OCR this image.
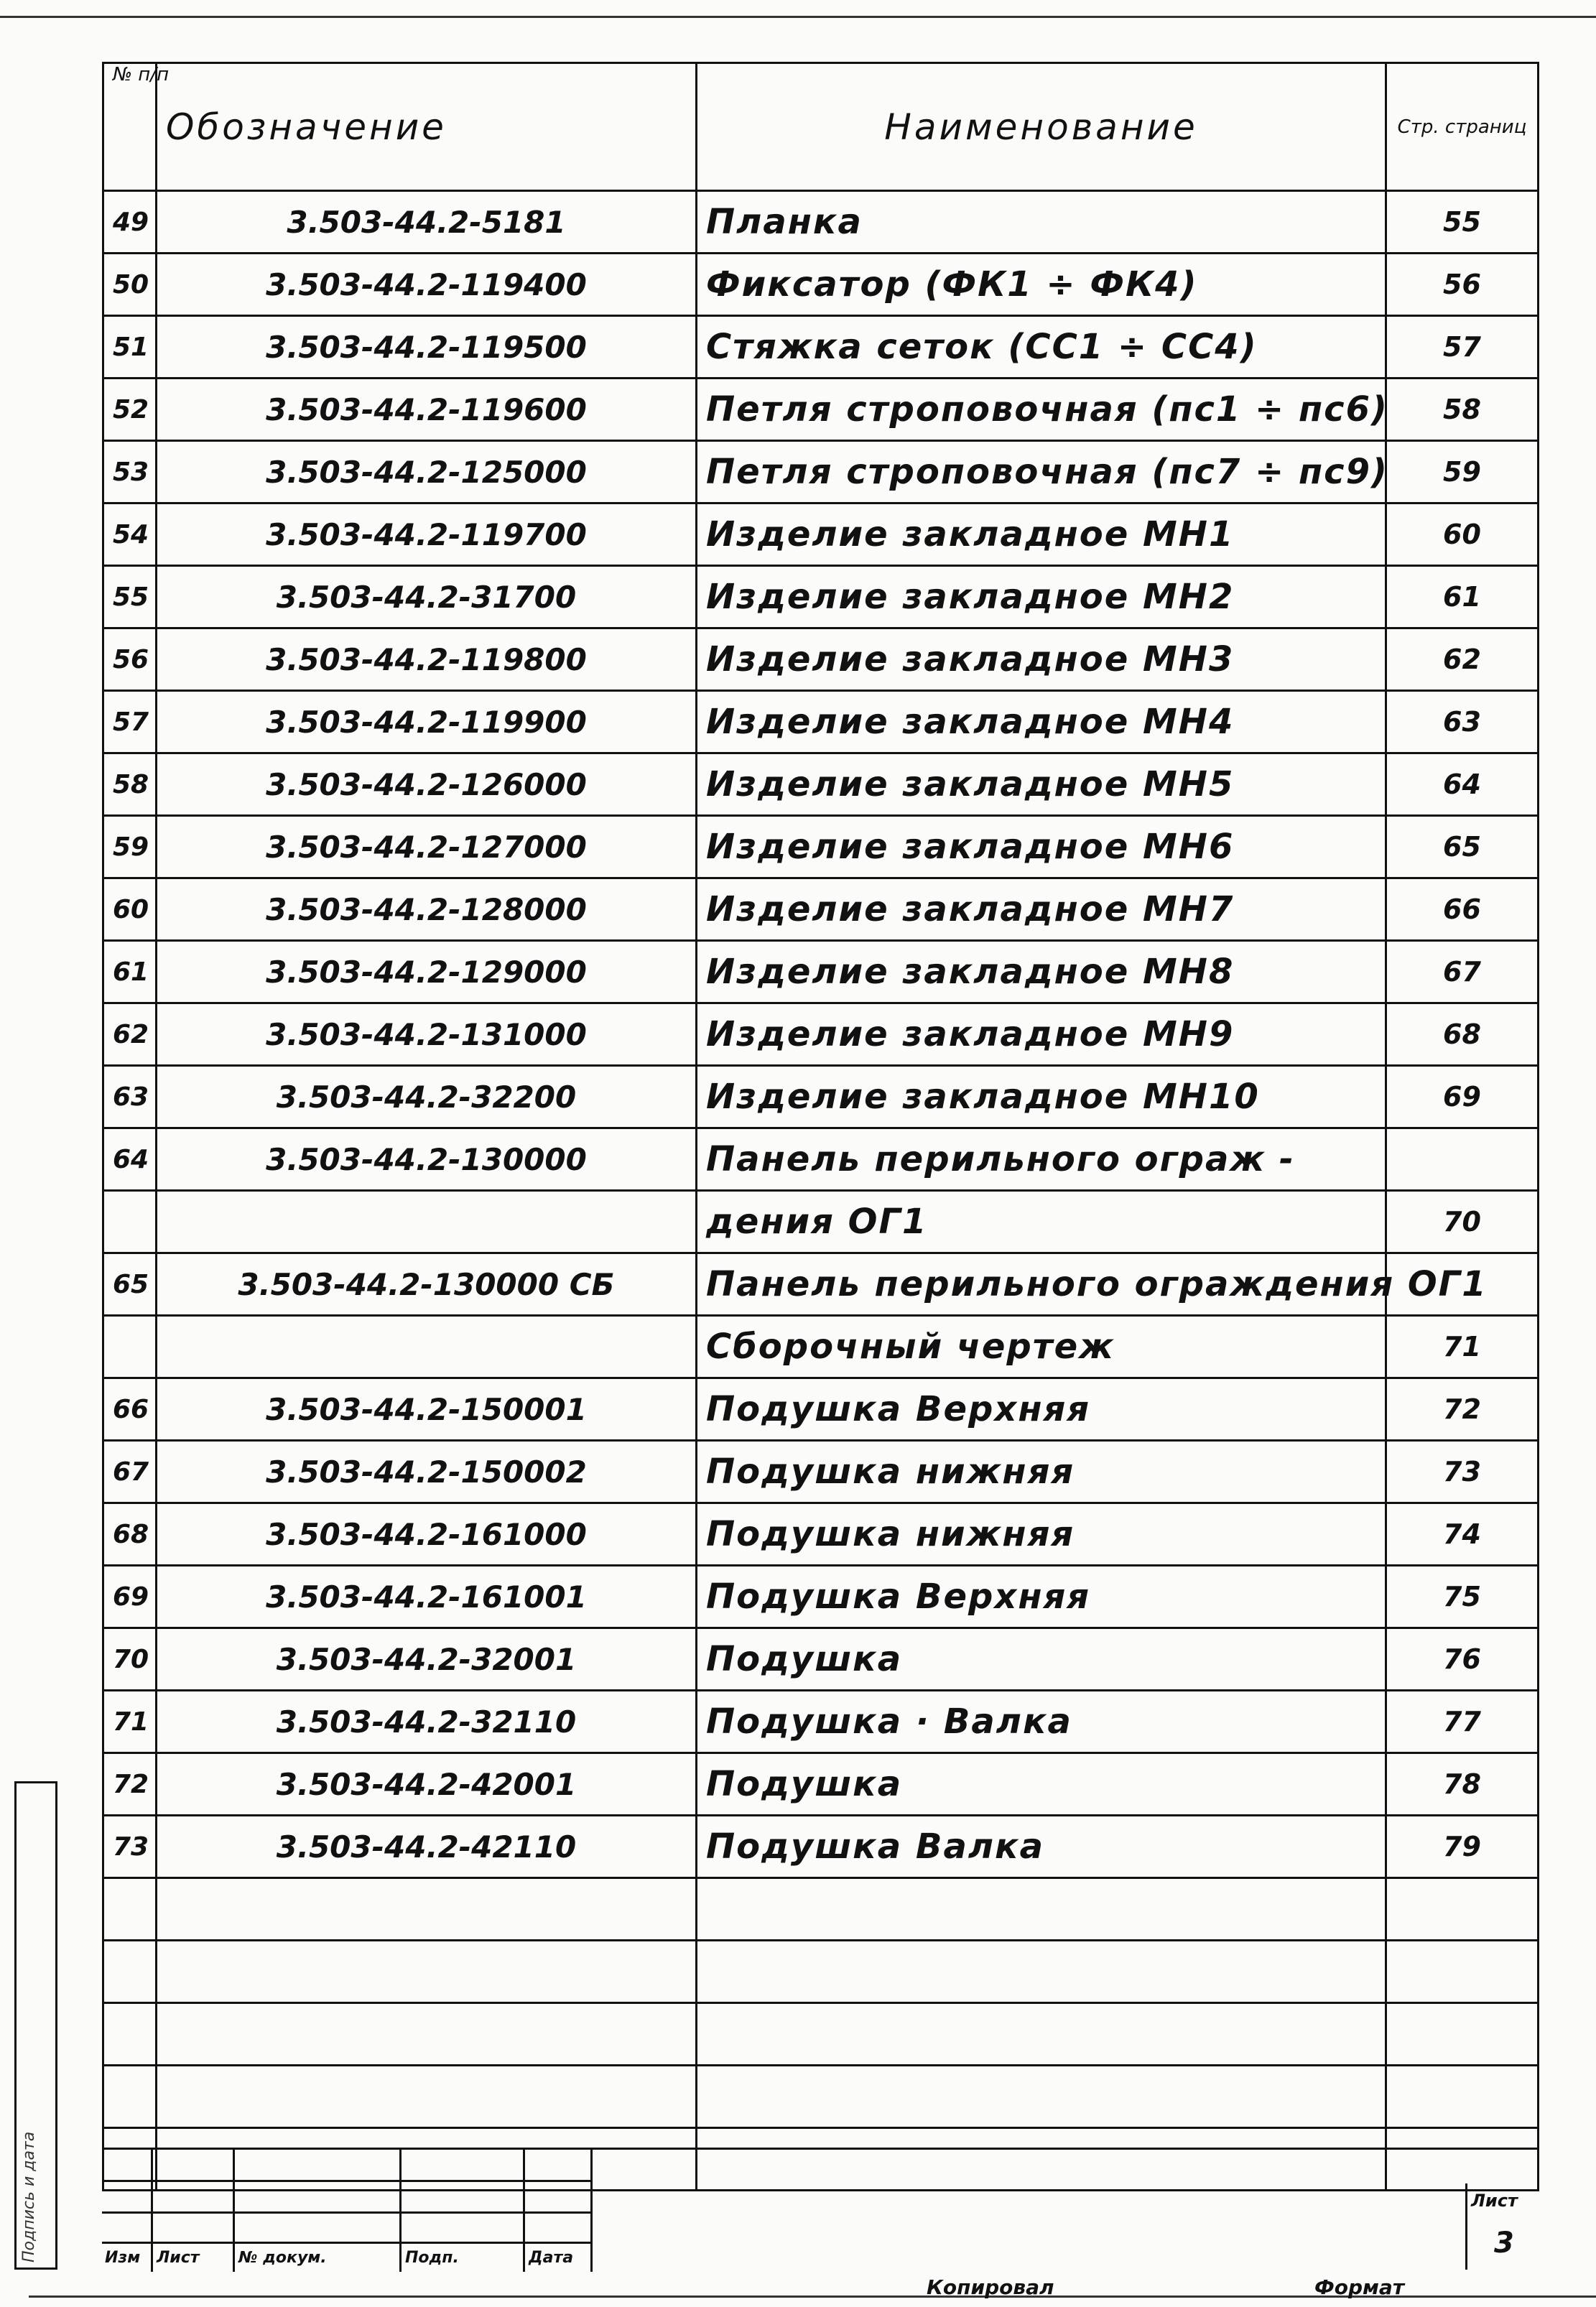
№ п/п	Обозначение	Наименование	Стр. страниц
49	3.503-44.2-5181	Планка	55
50	3.503-44.2-119400	Фиксатор (ФК1 ÷ ФК4)	56
51	3.503-44.2-119500	Стяжка сеток (СС1 ÷ СС4)	57
52	3.503-44.2-119600	Петля строповочная (пс1 ÷ пс6)	58
53	3.503-44.2-125000	Петля строповочная (пс7 ÷ пс9)	59
54	3.503-44.2-119700	Изделие закладное МН1	60
55	3.503-44.2-31700	Изделие закладное МН2	61
56	3.503-44.2-119800	Изделие закладное МН3	62
57	3.503-44.2-119900	Изделие закладное МН4	63
58	3.503-44.2-126000	Изделие закладное МН5	64
59	3.503-44.2-127000	Изделие закладное МН6	65
60	3.503-44.2-128000	Изделие закладное МН7	66
61	3.503-44.2-129000	Изделие закладное МН8	67
62	3.503-44.2-131000	Изделие закладное МН9	68
63	3.503-44.2-32200	Изделие закладное МН10	69
64	3.503-44.2-130000	Панель перильного ограж -	
		дения ОГ1	70
65	3.503-44.2-130000 СБ	Панель перильного ограждения ОГ1	
		Сборочный чертеж	71
66	3.503-44.2-150001	Подушка Верхняя	72
67	3.503-44.2-150002	Подушка нижняя	73
68	3.503-44.2-161000	Подушка нижняя	74
69	3.503-44.2-161001	Подушка Верхняя	75
70	3.503-44.2-32001	Подушка	76
71	3.503-44.2-32110	Подушка · Валка	77
72	3.503-44.2-42001	Подушка	78
73	3.503-44.2-42110	Подушка Валка	79

Изм Лист № докум.	Подп.	Дата
Лист
3
Подпись и дата
Копировал	Формат
